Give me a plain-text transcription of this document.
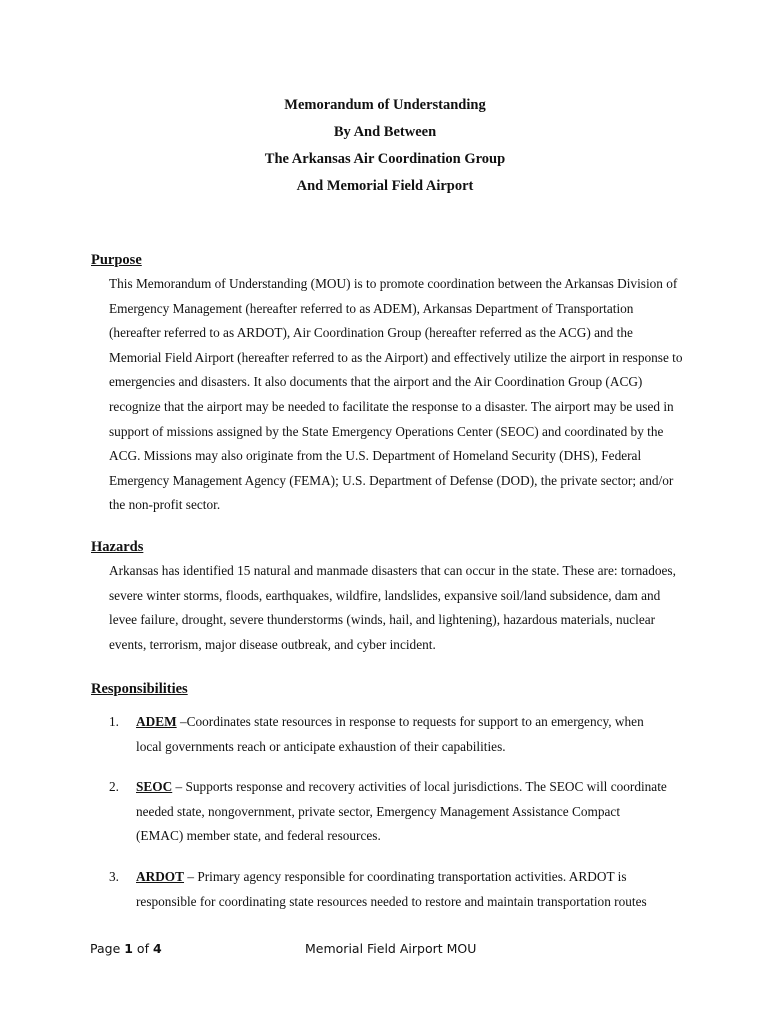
Memorandum of Understanding
By And Between
The Arkansas Air Coordination Group
And Memorial Field Airport

Purpose

This Memorandum of Understanding (MOU) is to promote coordination between the Arkansas Division of Emergency Management (hereafter referred to as ADEM), Arkansas Department of Transportation (hereafter referred to as ARDOT), Air Coordination Group (hereafter referred as the ACG) and the Memorial Field Airport (hereafter referred to as the Airport) and effectively utilize the airport in response to emergencies and disasters. It also documents that the airport and the Air Coordination Group (ACG) recognize that the airport may be needed to facilitate the response to a disaster. The airport may be used in support of missions assigned by the State Emergency Operations Center (SEOC) and coordinated by the ACG. Missions may also originate from the U.S. Department of Homeland Security (DHS), Federal Emergency Management Agency (FEMA); U.S. Department of Defense (DOD), the private sector; and/or the non-profit sector.

Hazards

Arkansas has identified 15 natural and manmade disasters that can occur in the state. These are: tornadoes, severe winter storms, floods, earthquakes, wildfire, landslides, expansive soil/land subsidence, dam and levee failure, drought, severe thunderstorms (winds, hail, and lightening), hazardous materials, nuclear events, terrorism, major disease outbreak, and cyber incident.

Responsibilities

1. ADEM –Coordinates state resources in response to requests for support to an emergency, when local governments reach or anticipate exhaustion of their capabilities.
2. SEOC – Supports response and recovery activities of local jurisdictions. The SEOC will coordinate needed state, nongovernment, private sector, Emergency Management Assistance Compact (EMAC) member state, and federal resources.
3. ARDOT – Primary agency responsible for coordinating transportation activities. ARDOT is responsible for coordinating state resources needed to restore and maintain transportation routes
Page 1 of 4	Memorial Field Airport MOU
